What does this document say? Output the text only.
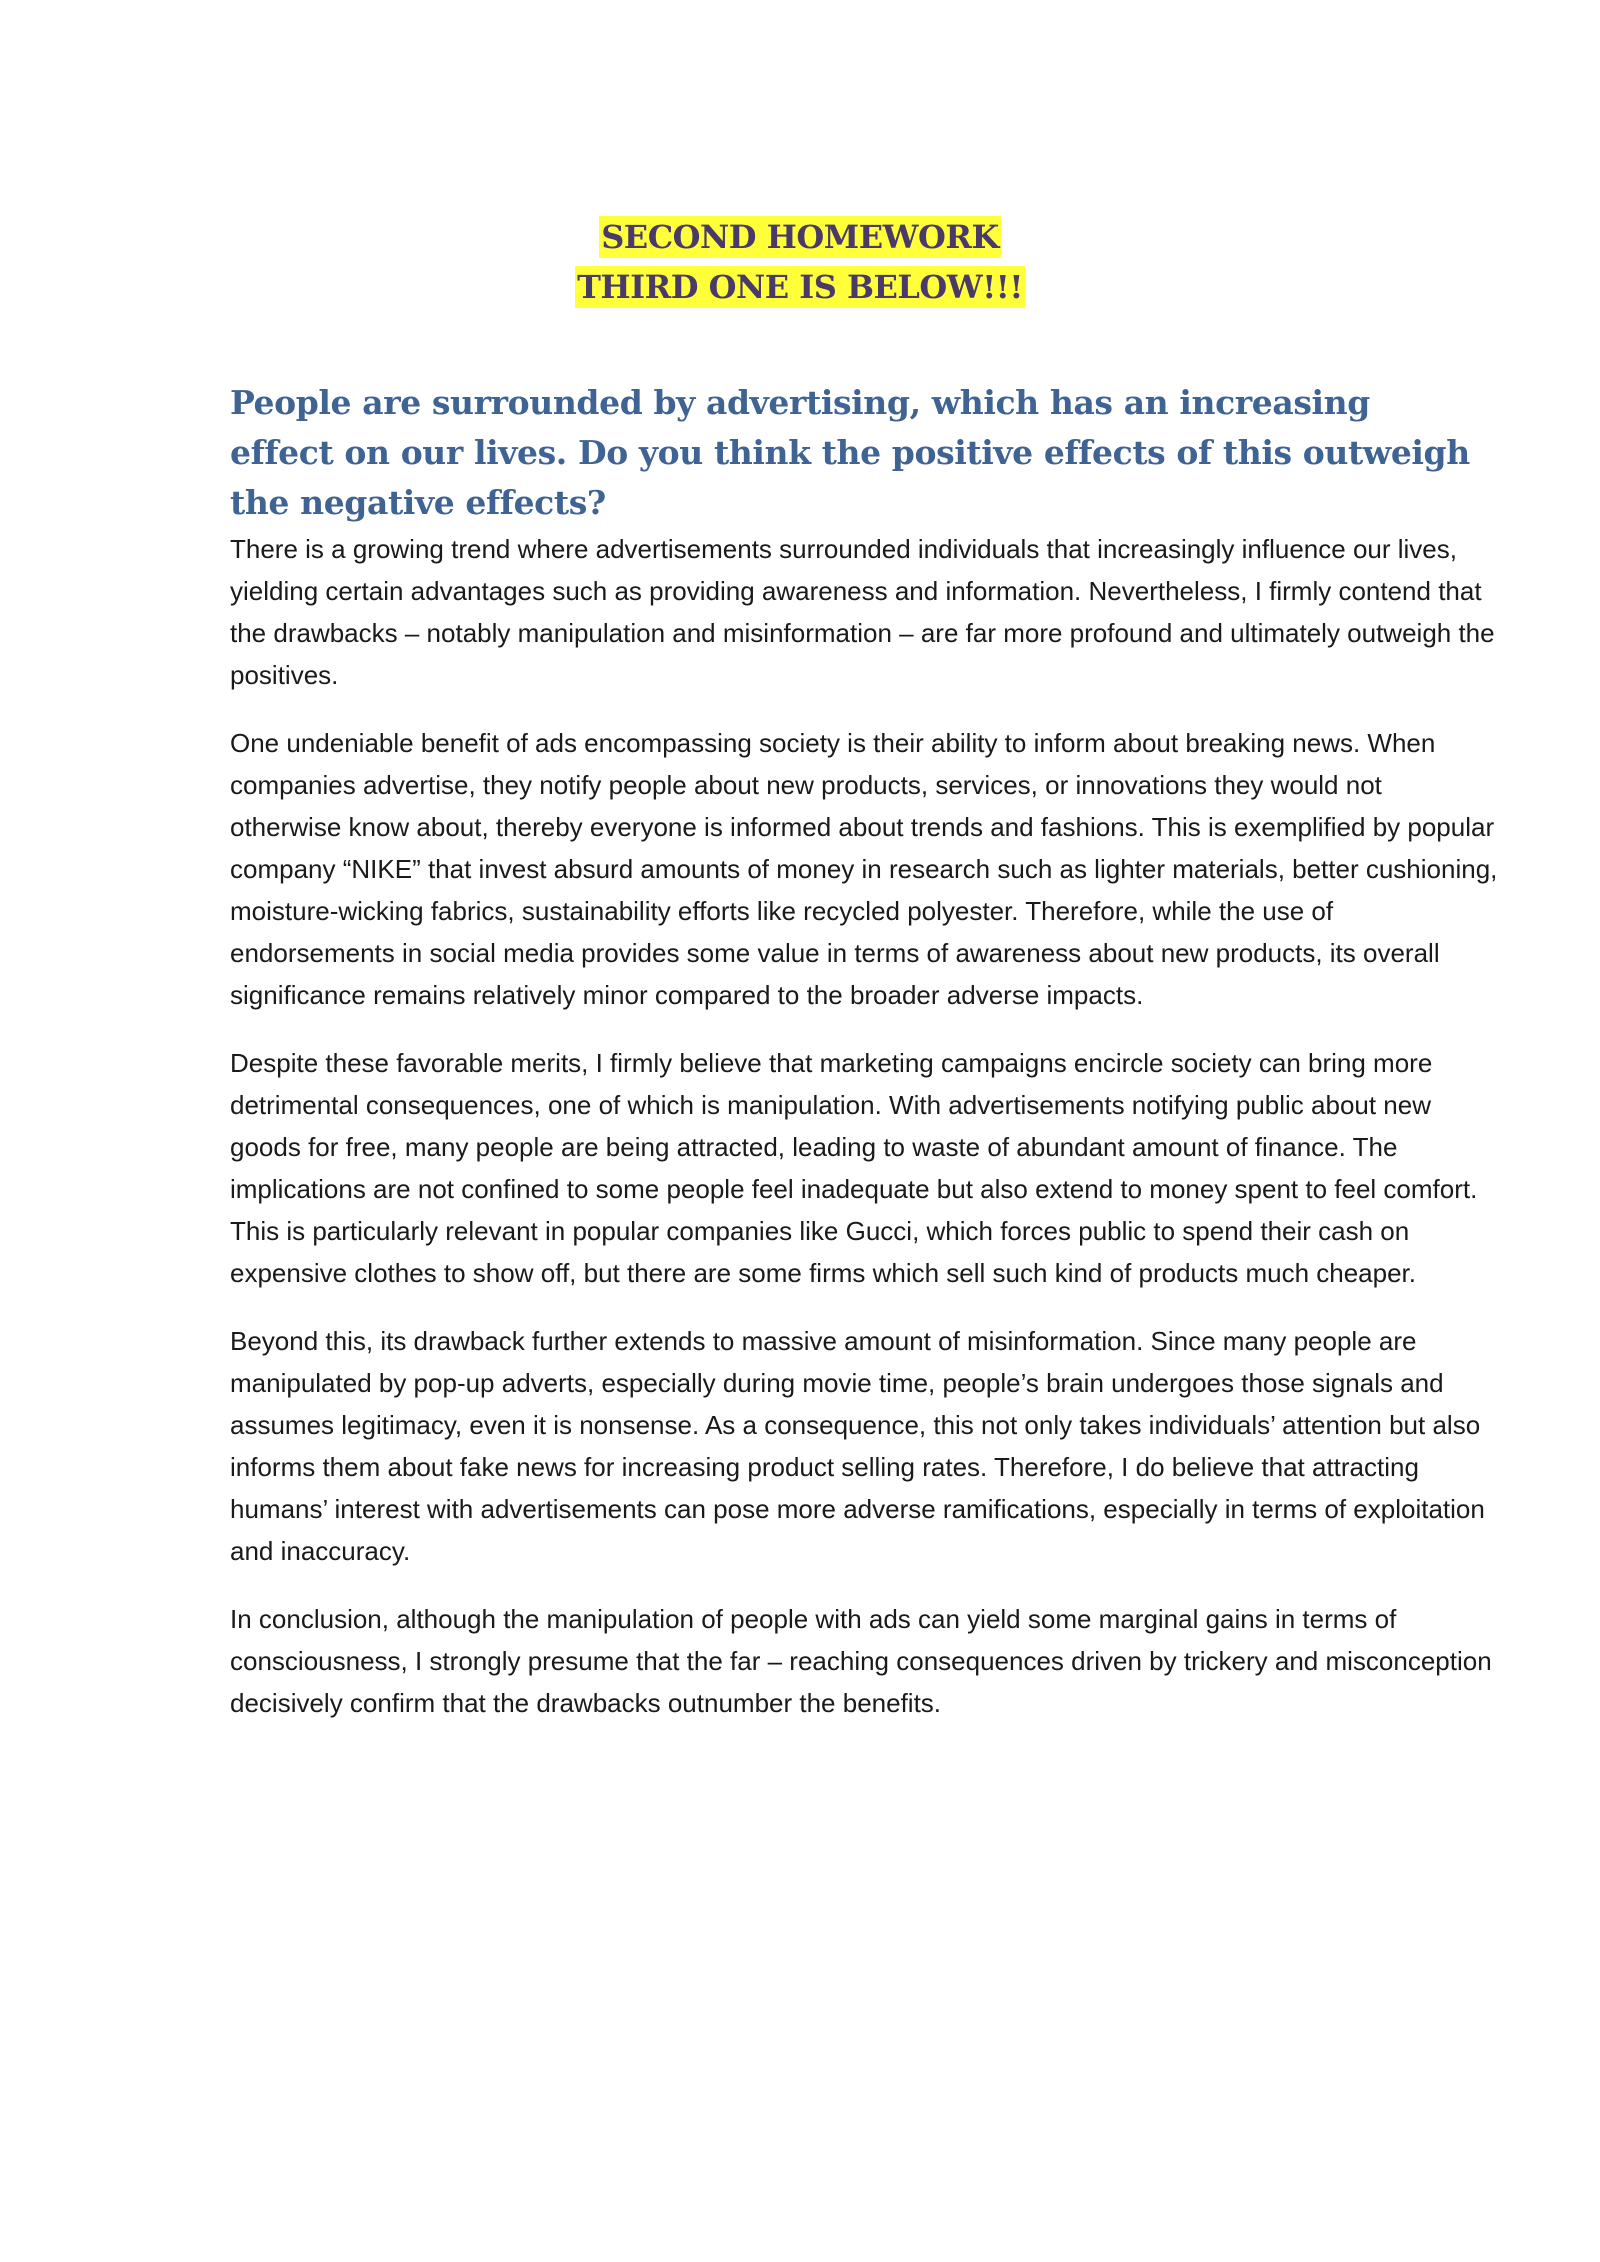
SECOND HOMEWORK
THIRD ONE IS BELOW!!!
People are surrounded by advertising, which has an increasing effect on our lives. Do you think the positive effects of this outweigh the negative effects?

There is a growing trend where advertisements surrounded individuals that increasingly influence our lives, yielding certain advantages such as providing awareness and information. Nevertheless, I firmly contend that the drawbacks – notably manipulation and misinformation – are far more profound and ultimately outweigh the positives.

One undeniable benefit of ads encompassing society is their ability to inform about breaking news. When companies advertise, they notify people about new products, services, or innovations they would not otherwise know about, thereby everyone is informed about trends and fashions. This is exemplified by popular company “NIKE” that invest absurd amounts of money in research such as lighter materials, better cushioning, moisture-wicking fabrics, sustainability efforts like recycled polyester. Therefore, while the use of endorsements in social media provides some value in terms of awareness about new products, its overall significance remains relatively minor compared to the broader adverse impacts.

Despite these favorable merits, I firmly believe that marketing campaigns encircle society can bring more detrimental consequences, one of which is manipulation. With advertisements notifying public about new goods for free, many people are being attracted, leading to waste of abundant amount of finance. The implications are not confined to some people feel inadequate but also extend to money spent to feel comfort. This is particularly relevant in popular companies like Gucci, which forces public to spend their cash on expensive clothes to show off, but there are some firms which sell such kind of products much cheaper.

Beyond this, its drawback further extends to massive amount of misinformation. Since many people are manipulated by pop-up adverts, especially during movie time, people’s brain undergoes those signals and assumes legitimacy, even it is nonsense. As a consequence, this not only takes individuals’ attention but also informs them about fake news for increasing product selling rates. Therefore, I do believe that attracting humans’ interest with advertisements can pose more adverse ramifications, especially in terms of exploitation and inaccuracy.

In conclusion, although the manipulation of people with ads can yield some marginal gains in terms of consciousness, I strongly presume that the far – reaching consequences driven by trickery and misconception decisively confirm that the drawbacks outnumber the benefits.
